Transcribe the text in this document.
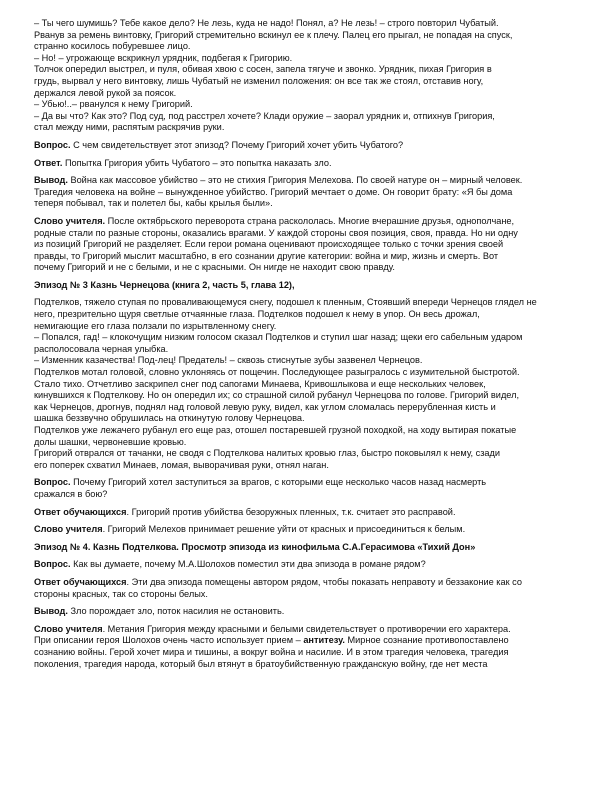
– Ты чего шумишь? Тебе какое дело? Не лезь, куда не надо! Понял, а? Не лезь! – строго повторил Чубатый.

Рванув за ремень винтовку, Григорий стремительно вскинул ее к плечу. Палец его прыгал, не попадая на спуск,

странно косилось побуревшее лицо.

– Но! – угрожающе вскрикнул урядник, подбегая к Григорию.

Толчок опередил выстрел, и пуля, обивая хвою с сосен, запела тягуче и звонко. Урядник, пихая Григория в

грудь, вырвал у него винтовку, лишь Чубатый не изменил положения: он все так же стоял, отставив ногу,

держался левой рукой за поясок.

– Убью!..– рванулся к нему Григорий.

– Да вы что? Как это? Под суд, под расстрел хочете? Клади оружие – заорал урядник и, отпихнув Григория,

стал между ними, распятым раскрячив руки.

Вопрос. С чем свидетельствует этот эпизод? Почему Григорий хочет убить Чубатого?

Ответ. Попытка Григория убить Чубатого – это попытка наказать зло.

Вывод. Война как массовое убийство – это не стихия Григория Мелехова. По своей натуре он – мирный человек.

Трагедия человека на войне – вынужденное убийство. Григорий мечтает о доме. Он говорит брату: «Я бы дома

теперя побывал, так и полетел бы, кабы крылья были».

Слово учителя. После октябрьского переворота страна раскололась. Многие вчерашние друзья, однополчане,

родные стали по разные стороны, оказались врагами. У каждой стороны своя позиция, своя, правда. Но ни одну

из позиций Григорий не разделяет. Если герои романа оценивают происходящее только с точки зрения своей

правды, то Григорий мыслит масштабно, в его сознании другие категории: война и мир, жизнь и смерть. Вот

почему Григорий и не с белыми, и не с красными. Он нигде не находит свою правду.

Эпизод № 3 Казнь Чернецова (книга 2, часть 5, глава 12),

Подтелков, тяжело ступая по проваливающемуся снегу, подошел к пленным, Стоявший впереди Чернецов глядел не

него, презрительно щуря светлые отчаянные глаза. Подтелков подошел к нему в упор. Он весь дрожал,

немигающие его глаза ползали по изрытвленному снегу.

– Попался, гад! – клокочущим низким голосом сказал Подтелков и ступил шаг назад; щеки его сабельным ударом

располосовала черная улыбка.

– Изменник казачества! Под-лец! Предатель! – сквозь стиснутые зубы зазвенел Чернецов.

Подтелков мотал головой, словно уклоняясь от пощечин. Последующее разыгралось с изумительной быстротой.

Стало тихо. Отчетливо заскрипел снег под сапогами Минаева, Кривошлыкова и еще нескольких человек,

кинувшихся к Подтелкову. Но он опередил их; со страшной силой рубанул Чернецова по голове. Григорий видел,

как Чернецов, дрогнув, поднял над головой левую руку, видел, как углом сломалась перерубленная кисть и

шашка беззвучно обрушилась на откинутую голову Чернецова.

Подтелков уже лежачего рубанул его еще раз, отошел постаревшей грузной походкой, на ходу вытирая покатые

долы шашки, червоневшие кровью.

Григорий отврался от тачанки, не сводя с Подтелкова налитых кровью глаз, быстро поковылял к нему, сзади

его поперек схватил Минаев, ломая, выворачивая руки, отнял наган.

Вопрос. Почему Григорий хотел заступиться за врагов, с которыми еще несколько часов назад насмерть

сражался в бою?

Ответ обучающихся. Григорий против убийства безоружных пленных, т.к. считает это расправой.

Слово учителя. Григорий Мелехов принимает решение уйти от красных и присоединиться к белым.

Эпизод № 4. Казнь Подтелкова. Просмотр эпизода из кинофильма С.А.Герасимова «Тихий Дон»

Вопрос. Как вы думаете, почему М.А.Шолохов поместил эти два эпизода в романе рядом?

Ответ обучающихся. Эти два эпизода помещены автором рядом, чтобы показать неправоту и беззаконие как со

стороны красных, так со стороны белых.

Вывод. Зло порождает зло, поток насилия не остановить.

Слово учителя. Метания Григория между красными и белыми свидетельствует о противоречии его характера.

При описании героя Шолохов очень часто использует прием – антитезу. Мирное сознание противопоставлено

сознанию войны. Герой хочет мира и тишины, а вокруг война и насилие. И в этом трагедия человека, трагедия

поколения, трагедия народа, который был втянут в братоубийственную гражданскую войну, где нет места
